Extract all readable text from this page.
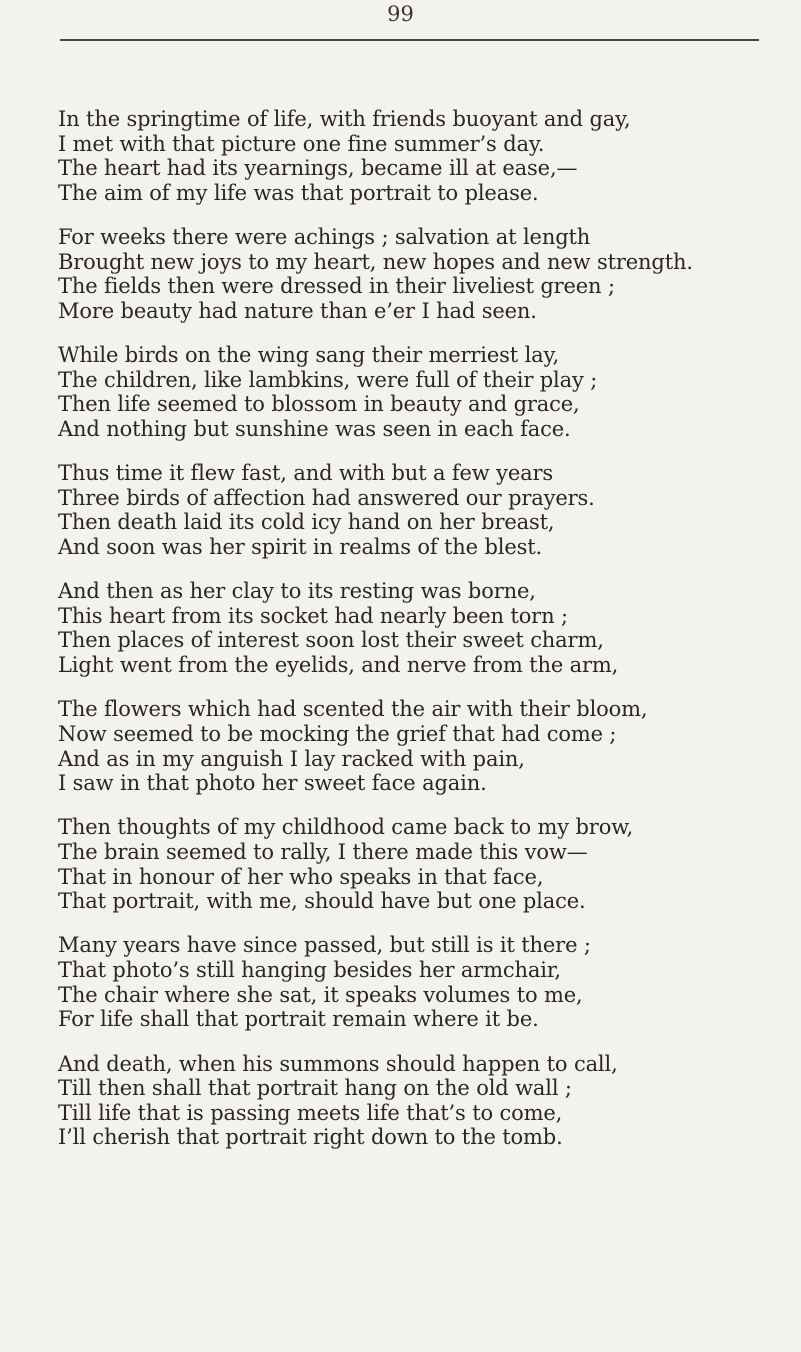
99
In the springtime of life, with friends buoyant and gay,
I met with that picture one fine summer’s day.
The heart had its yearnings, became ill at ease,—
The aim of my life was that portrait to please.
For weeks there were achings ; salvation at length
Brought new joys to my heart, new hopes and new strength.
The fields then were dressed in their liveliest green ;
More beauty had nature than e’er I had seen.
While birds on the wing sang their merriest lay,
The children, like lambkins, were full of their play ;
Then life seemed to blossom in beauty and grace,
And nothing but sunshine was seen in each face.
Thus time it flew fast, and with but a few years
Three birds of affection had answered our prayers.
Then death laid its cold icy hand on her breast,
And soon was her spirit in realms of the blest.
And then as her clay to its resting was borne,
This heart from its socket had nearly been torn ;
Then places of interest soon lost their sweet charm,
Light went from the eyelids, and nerve from the arm,
The flowers which had scented the air with their bloom,
Now seemed to be mocking the grief that had come ;
And as in my anguish I lay racked with pain,
I saw in that photo her sweet face again.
Then thoughts of my childhood came back to my brow,
The brain seemed to rally, I there made this vow—
That in honour of her who speaks in that face,
That portrait, with me, should have but one place.
Many years have since passed, but still is it there ;
That photo’s still hanging besides her armchair,
The chair where she sat, it speaks volumes to me,
For life shall that portrait remain where it be.
And death, when his summons should happen to call,
Till then shall that portrait hang on the old wall ;
Till life that is passing meets life that’s to come,
I’ll cherish that portrait right down to the tomb.
